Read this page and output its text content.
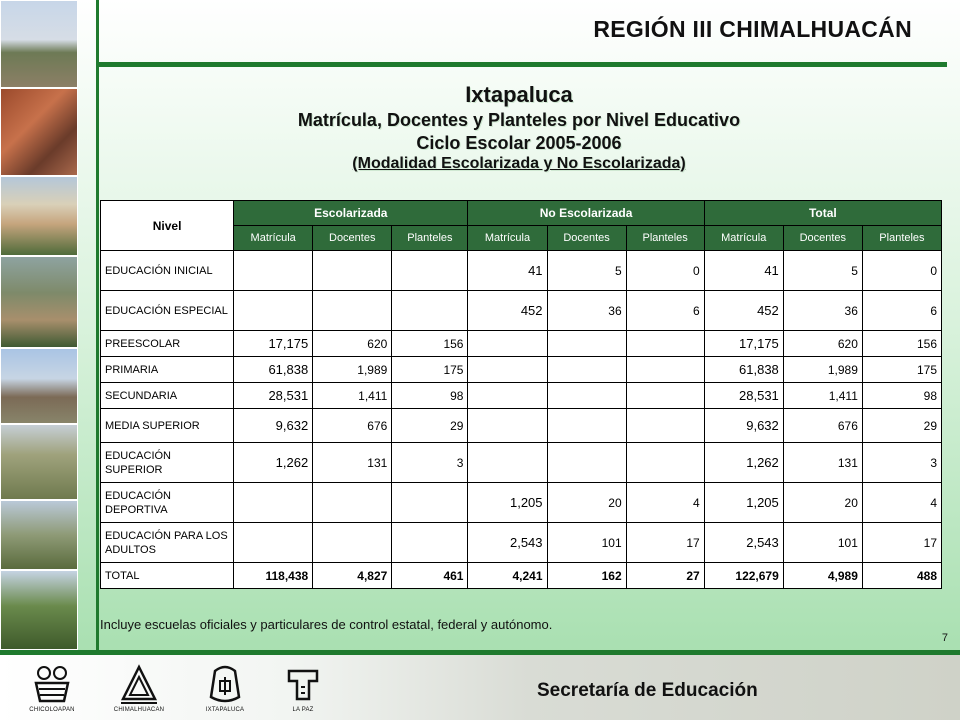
REGIÓN III CHIMALHUACÁN
Ixtapaluca
Matrícula, Docentes y Planteles por Nivel Educativo
Ciclo Escolar 2005-2006
(Modalidad Escolarizada y No Escolarizada)
Nivel	Escolarizada			No Escolarizada			Total		
	Matrícula	Docentes	Planteles	Matrícula	Docentes	Planteles	Matrícula	Docentes	Planteles
EDUCACIÓN INICIAL				41	5	0	41	5	0
EDUCACIÓN ESPECIAL				452	36	6	452	36	6
PREESCOLAR	17,175	620	156				17,175	620	156
PRIMARIA	61,838	1,989	175				61,838	1,989	175
SECUNDARIA	28,531	1,411	98				28,531	1,411	98
MEDIA SUPERIOR	9,632	676	29				9,632	676	29
EDUCACIÓN SUPERIOR	1,262	131	3				1,262	131	3
EDUCACIÓN DEPORTIVA				1,205	20	4	1,205	20	4
EDUCACIÓN PARA LOS ADULTOS				2,543	101	17	2,543	101	17
TOTAL	118,438	4,827	461	4,241	162	27	122,679	4,989	488
Incluye escuelas oficiales y particulares de control estatal, federal y autónomo.
7
CHICOLOAPAN	CHIMALHUACAN	IXTAPALUCA	LA PAZ
Secretaría de Educación
